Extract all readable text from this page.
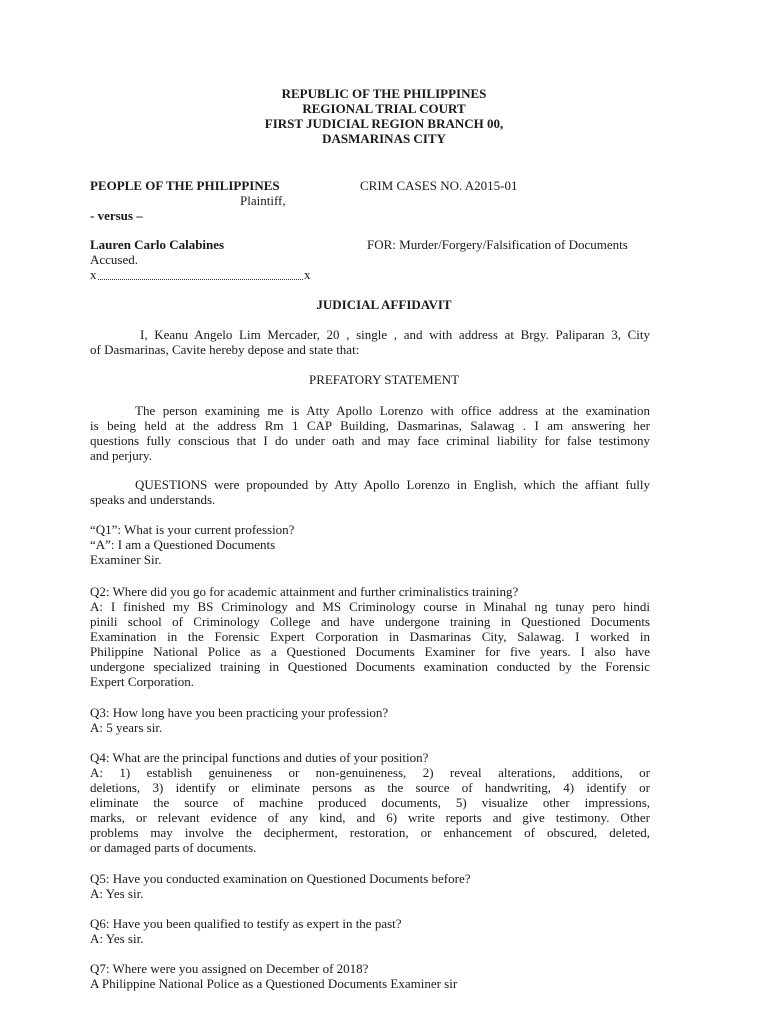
REPUBLIC OF THE PHILIPPINES
REGIONAL TRIAL COURT
FIRST JUDICIAL REGION BRANCH 00,
DASMARINAS CITY
PEOPLE OF THE PHILIPPINES	CRIM CASES NO. A2015-01
Plaintiff,
- versus –
Lauren Carlo Calabines	FOR: Murder/Forgery/Falsification of Documents
Accused.
x	x
JUDICIAL AFFIDAVIT
I, Keanu Angelo Lim Mercader, 20 , single , and with address at Brgy. Paliparan 3, City
of Dasmarinas, Cavite hereby depose and state that:
PREFATORY STATEMENT
The person examining me is Atty Apollo Lorenzo with office address at the examination
is being held at the address Rm 1 CAP Building, Dasmarinas, Salawag . I am answering her
questions fully conscious that I do under oath and may face criminal liability for false testimony
and perjury.
QUESTIONS were propounded by Atty Apollo Lorenzo in English, which the affiant fully
speaks and understands.
“Q1”: What is your current profession?
“A”: I am a Questioned Documents
Examiner Sir.
Q2: Where did you go for academic attainment and further criminalistics training?
A: I finished my BS Criminology and MS Criminology course in Minahal ng tunay pero hindi
pinili school of Criminology College and have undergone training in Questioned Documents
Examination in the Forensic Expert Corporation in Dasmarinas City, Salawag. I worked in
Philippine National Police as a Questioned Documents Examiner for five years. I also have
undergone specialized training in Questioned Documents examination conducted by the Forensic
Expert Corporation.
Q3: How long have you been practicing your profession?
A: 5 years sir.
Q4: What are the principal functions and duties of your position?
A: 1) establish genuineness or non-genuineness, 2) reveal alterations, additions, or
deletions, 3) identify or eliminate persons as the source of handwriting, 4) identify or
eliminate the source of machine produced documents, 5) visualize other impressions,
marks, or relevant evidence of any kind, and 6) write reports and give testimony. Other
problems may involve the decipherment, restoration, or enhancement of obscured, deleted,
or damaged parts of documents.
Q5: Have you conducted examination on Questioned Documents before?
A: Yes sir.
Q6: Have you been qualified to testify as expert in the past?
A: Yes sir.
Q7: Where were you assigned on December of 2018?
A Philippine National Police as a Questioned Documents Examiner sir
